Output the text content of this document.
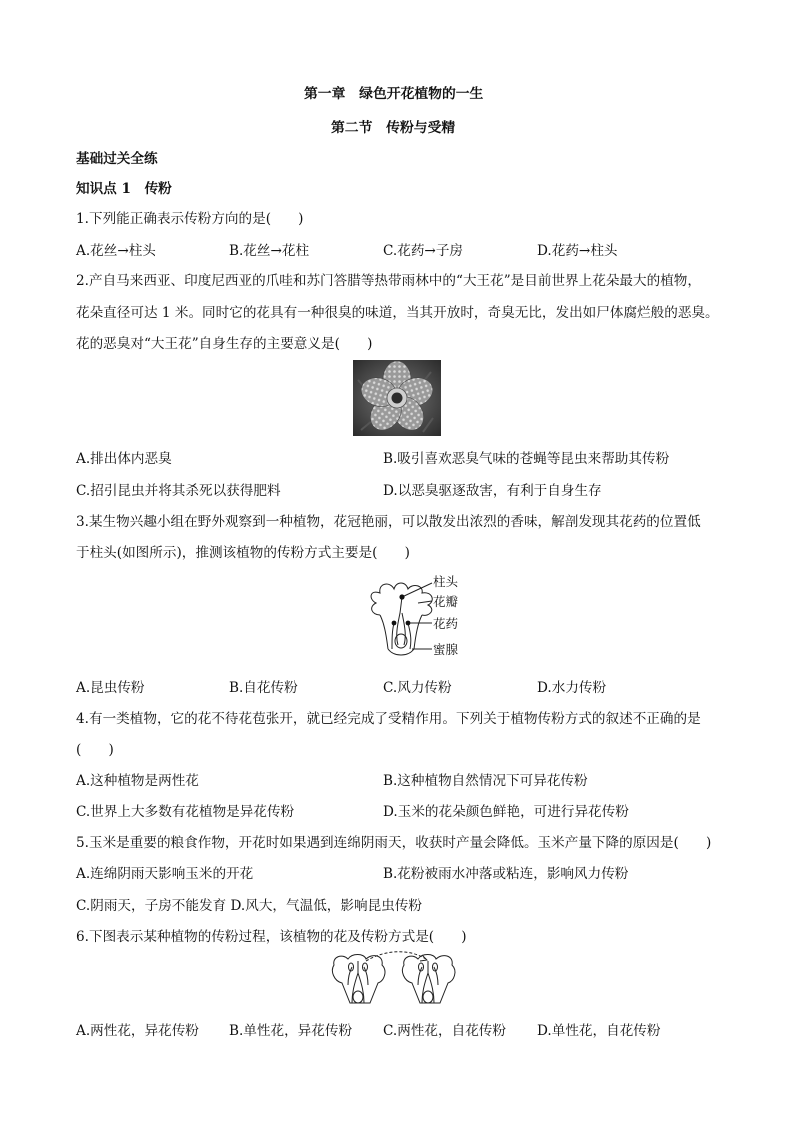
第一章　绿色开花植物的一生
第二节　传粉与受精
基础过关全练
知识点 1　传粉
1.下列能正确表示传粉方向的是(　　)
A.花丝→柱头	B.花丝→花柱	C.花药→子房	D.花药→柱头
2.产自马来西亚、印度尼西亚的爪哇和苏门答腊等热带雨林中的“大王花”是目前世界上花朵最大的植物，
花朵直径可达 1 米。同时它的花具有一种很臭的味道，当其开放时，奇臭无比，发出如尸体腐烂般的恶臭。
花的恶臭对“大王花”自身生存的主要意义是(　　)
A.排出体内恶臭	B.吸引喜欢恶臭气味的苍蝇等昆虫来帮助其传粉
C.招引昆虫并将其杀死以获得肥料	D.以恶臭驱逐敌害，有利于自身生存
3.某生物兴趣小组在野外观察到一种植物，花冠艳丽，可以散发出浓烈的香味，解剖发现其花药的位置低
于柱头(如图所示)，推测该植物的传粉方式主要是(　　)
柱头
花瓣
花药
蜜腺
A.昆虫传粉	B.自花传粉	C.风力传粉	D.水力传粉
4.有一类植物，它的花不待花苞张开，就已经完成了受精作用。下列关于植物传粉方式的叙述不正确的是
(　　)
A.这种植物是两性花	B.这种植物自然情况下可异花传粉
C.世界上大多数有花植物是异花传粉	D.玉米的花朵颜色鲜艳，可进行异花传粉
5.玉米是重要的粮食作物，开花时如果遇到连绵阴雨天，收获时产量会降低。玉米产量下降的原因是(　　)
A.连绵阴雨天影响玉米的开花	B.花粉被雨水冲落或粘连，影响风力传粉
C.阴雨天，子房不能发育 D.风大，气温低，影响昆虫传粉
6.下图表示某种植物的传粉过程，该植物的花及传粉方式是(　　)
A.两性花，异花传粉 B.单性花，异花传粉 C.两性花，自花传粉 D.单性花，自花传粉
